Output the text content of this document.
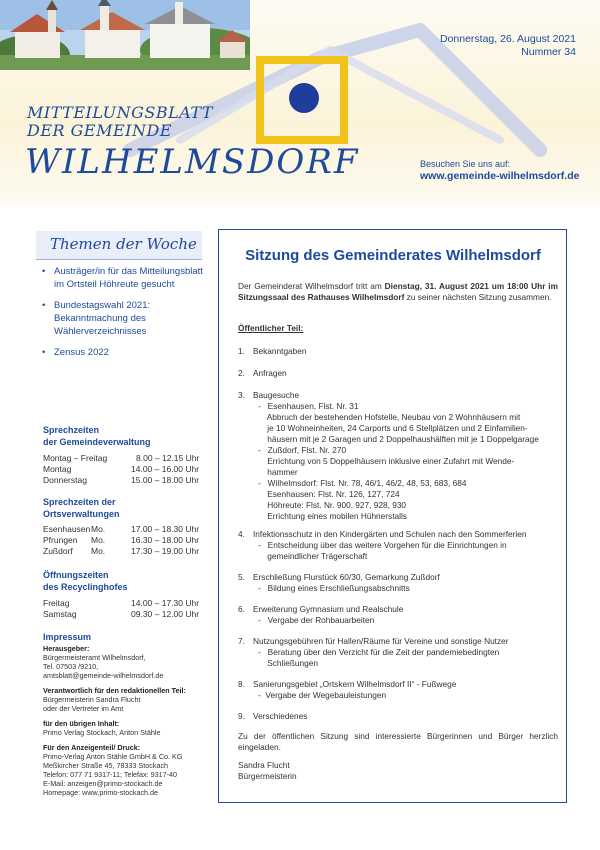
Donnerstag, 26. August 2021
Nummer 34
MITTEILUNGSBLATT
DER GEMEINDE
WILHELMSDORF	Besuchen Sie uns auf:
www.gemeinde-wilhelmsdorf.de
Themen der Woche
• Austräger/in für das Mitteilungsblatt im Ortsteil Höhreute gesucht
• Bundestagswahl 2021: Bekanntmachung des Wählerverzeichnisses
• Zensus 2022
Sprechzeiten
der Gemeindeverwaltung
Montag – Freitag	8.00 – 12.15 Uhr
Montag	14.00 – 16.00 Uhr
Donnerstag	15.00 – 18.00 Uhr
Sprechzeiten der
Ortsverwaltungen
Esenhausen Mo.	17.00 – 18.30 Uhr
Pfrungen Mo.	16.30 – 18.00 Uhr
Zußdorf Mo.	17.30 – 19.00 Uhr
Öffnungszeiten
des Recyclinghofes
Freitag	14.00 – 17.30 Uhr
Samstag	09.30 – 12.00 Uhr
Impressum
Herausgeber:
Bürgermeisteramt Wilhelmsdorf,
Tel. 07503 /9210,
amtsblatt@gemeinde-wilhelmsdorf.de
Verantwortlich für den redaktionellen Teil:
Bürgermeisterin Sandra Flucht
oder der Vertreter im Amt
für den übrigen Inhalt:
Primo Verlag Stockach, Anton Stähle
Für den Anzeigenteil/ Druck:
Primo-Verlag Anton Stähle GmbH & Co. KG
Meßkircher Straße 45, 78333 Stockach
Telefon: 077 71 9317-11; Telefax: 9317-40
E-Mail: anzeigen@primo-stockach.de
Homepage: www.primo-stockach.de
Sitzung des Gemeinderates Wilhelmsdorf
Der Gemeinderat Wilhelmsdorf tritt am Dienstag, 31. August 2021 um 18:00 Uhr im Sitzungssaal des Rathauses Wilhelmsdorf zu seiner nächsten Sitzung zusammen.
Öffentlicher Teil:
1. Bekanntgaben
2. Anfragen
3. Baugesuche
-   Esenhausen, Flst. Nr. 31
Abbruch der bestehenden Hofstelle, Neubau von 2 Wohnhäusern mit
je 10 Wohneinheiten, 24 Carports und 6 Stellplätzen und 2 Einfamilien-
häusern mit je 2 Garagen und 2 Doppelhaushälften mit je 1 Doppelgarage
-   Zußdorf, Flst. Nr. 270
Errichtung von 5 Doppelhäusern inklusive einer Zufahrt mit Wende-
hammer
-   Wilhelmsdorf: Flst. Nr. 78, 46/1, 46/2, 48, 53, 683, 684
Esenhausen: Flst. Nr. 126, 127, 724
Höhreute: Flst. Nr. 900, 927, 928, 930
Errichtung eines mobilen Hühnerstalls
4. Infektionsschutz in den Kindergärten und Schulen nach den Sommerferien
-   Entscheidung über das weitere Vorgehen für die Einrichtungen in
gemeindlicher Trägerschaft
5. Erschließung Flurstück 60/30, Gemarkung Zußdorf
-   Bildung eines Erschließungsabschnitts
6. Erweiterung Gymnasium und Realschule
-   Vergabe der Rohbauarbeiten
7. Nutzungsgebühren für Hallen/Räume für Vereine und sonstige Nutzer
-   Beratung über den Verzicht für die Zeit der pandemiebedingten
Schließungen
8. Sanierungsgebiet „Ortskern Wilhelmsdorf II“ - Fußwege
-  Vergabe der Wegebauleistungen
9. Verschiedenes
Zu der öffentlichen Sitzung sind interessierte Bürgerinnen und Bürger herzlich eingeladen.
Sandra Flucht
Bürgermeisterin
